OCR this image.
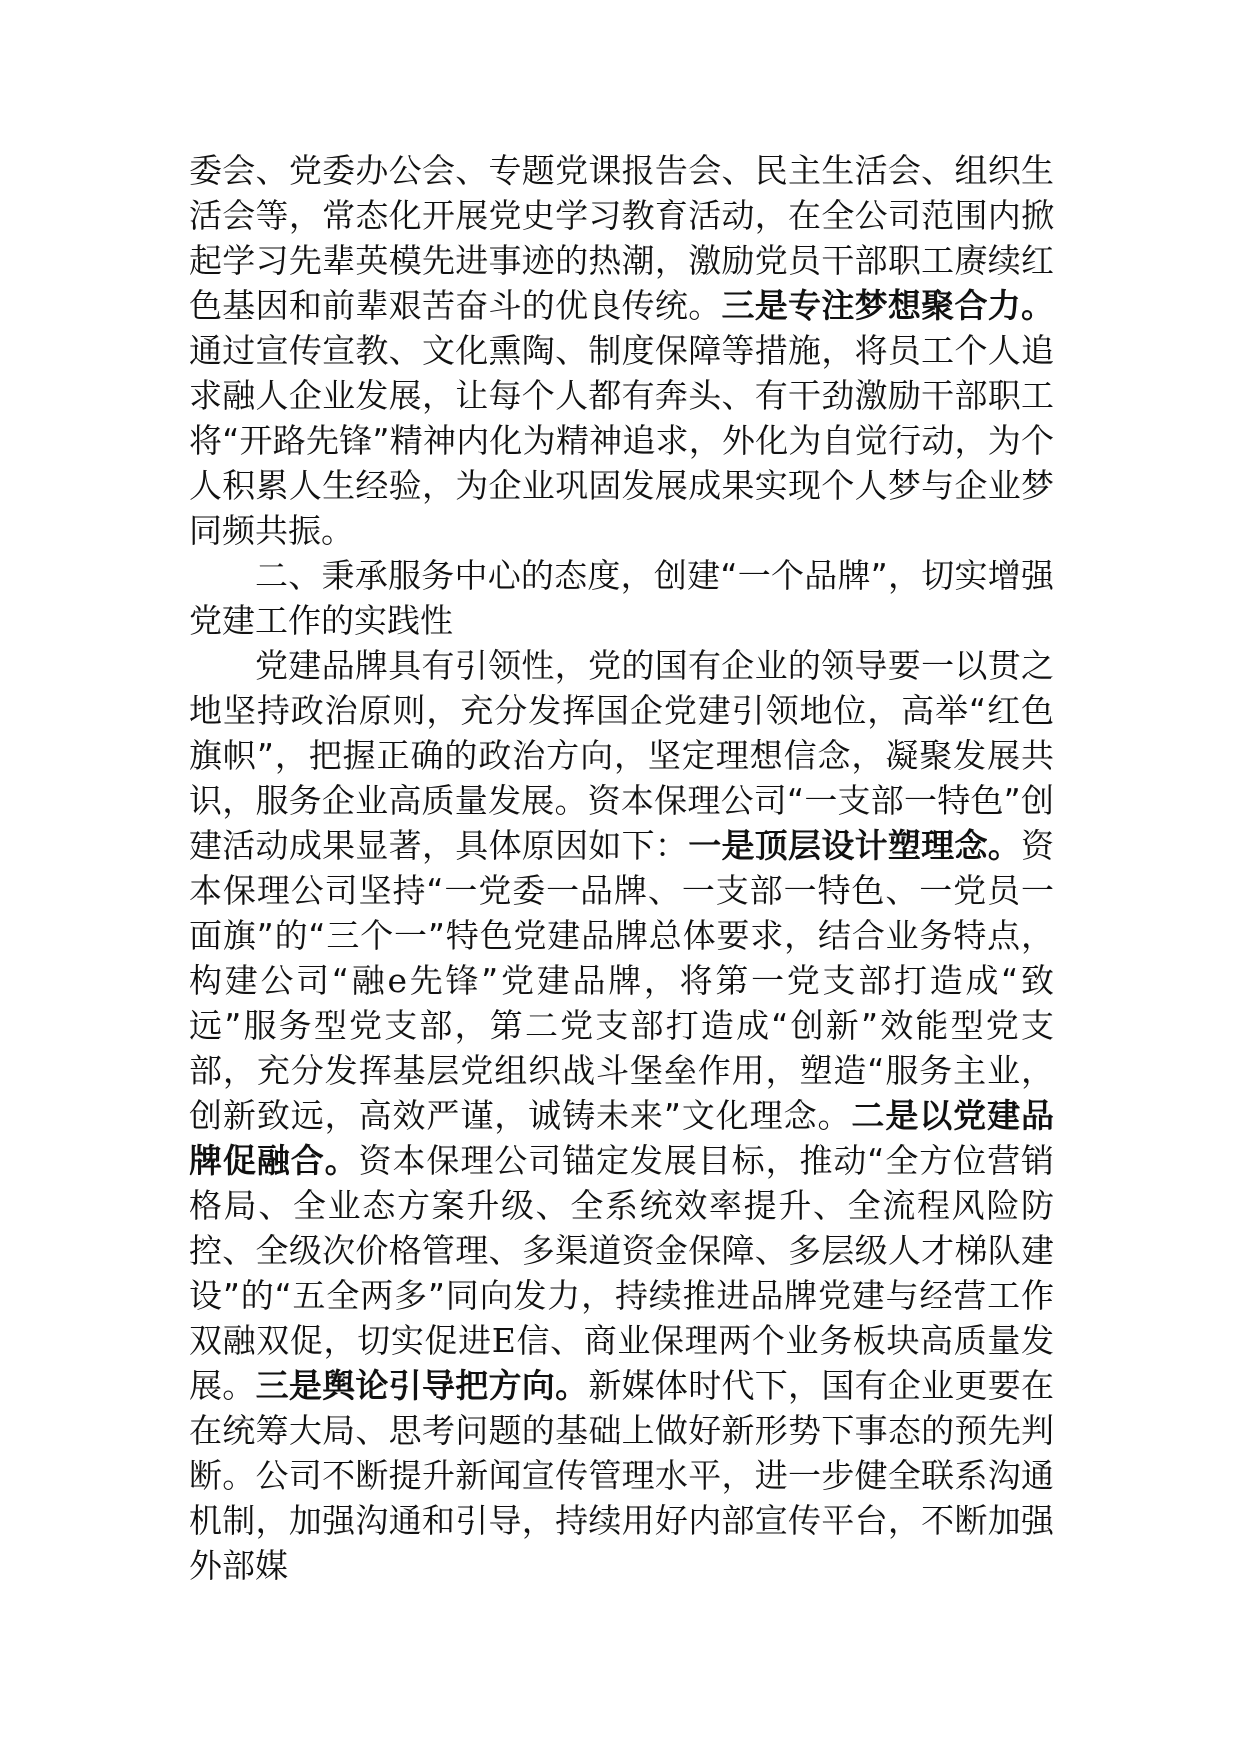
委会、党委办公会、专题党课报告会、民主生活会、组织生活会等，常态化开展党史学习教育活动，在全公司范围内掀起学习先辈英模先进事迹的热潮，激励党员干部职工赓续红色基因和前辈艰苦奋斗的优良传统。三是专注梦想聚合力。通过宣传宣教、文化熏陶、制度保障等措施，将员工个人追求融人企业发展，让每个人都有奔头、有干劲激励干部职工将“开路先锋”精神内化为精神追求，外化为自觉行动，为个人积累人生经验，为企业巩固发展成果实现个人梦与企业梦同频共振。

二、秉承服务中心的态度，创建“一个品牌”，切实增强党建工作的实践性

党建品牌具有引领性，党的国有企业的领导要一以贯之地坚持政治原则，充分发挥国企党建引领地位，高举“红色旗帜”，把握正确的政治方向，坚定理想信念，凝聚发展共识，服务企业高质量发展。资本保理公司“一支部一特色”创建活动成果显著，具体原因如下：一是顶层设计塑理念。资本保理公司坚持“一党委一品牌、一支部一特色、一党员一面旗”的“三个一”特色党建品牌总体要求，结合业务特点，构建公司“融e先锋”党建品牌，将第一党支部打造成“致远”服务型党支部，第二党支部打造成“创新”效能型党支部，充分发挥基层党组织战斗堡垒作用，塑造“服务主业，创新致远，高效严谨，诚铸未来”文化理念。二是以党建品牌促融合。资本保理公司锚定发展目标，推动“全方位营销格局、全业态方案升级、全系统效率提升、全流程风险防控、全级次价格管理、多渠道资金保障、多层级人才梯队建设”的“五全两多”同向发力，持续推进品牌党建与经营工作双融双促，切实促进E信、商业保理两个业务板块高质量发展。三是舆论引导把方向。新媒体时代下，国有企业更要在在统筹大局、思考问题的基础上做好新形势下事态的预先判断。公司不断提升新闻宣传管理水平，进一步健全联系沟通机制，加强沟通和引导，持续用好内部宣传平台，不断加强外部媒
